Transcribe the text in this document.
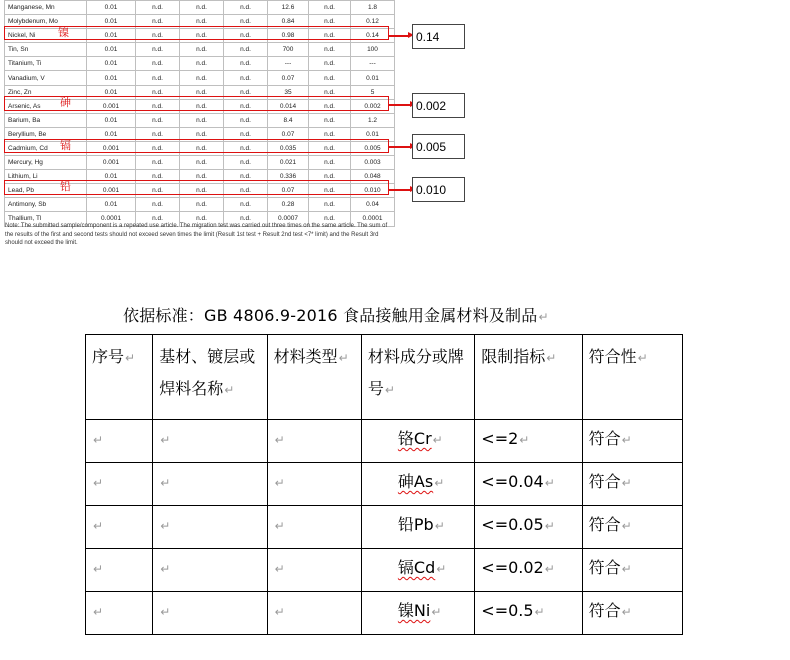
Manganese, Mn	0.01	n.d.	n.d.	n.d.	12.6	n.d.	1.8
Molybdenum, Mo	0.01	n.d.	n.d.	n.d.	0.84	n.d.	0.12
Nickel, Ni	0.01	n.d.	n.d.	n.d.	0.98	n.d.	0.14
Tin, Sn	0.01	n.d.	n.d.	n.d.	700	n.d.	100
Titanium, Ti	0.01	n.d.	n.d.	n.d.	---	n.d.	---
Vanadium, V	0.01	n.d.	n.d.	n.d.	0.07	n.d.	0.01
Zinc, Zn	0.01	n.d.	n.d.	n.d.	35	n.d.	5
Arsenic, As	0.001	n.d.	n.d.	n.d.	0.014	n.d.	0.002
Barium, Ba	0.01	n.d.	n.d.	n.d.	8.4	n.d.	1.2
Beryllium, Be	0.01	n.d.	n.d.	n.d.	0.07	n.d.	0.01
Cadmium, Cd	0.001	n.d.	n.d.	n.d.	0.035	n.d.	0.005
Mercury, Hg	0.001	n.d.	n.d.	n.d.	0.021	n.d.	0.003
Lithium, Li	0.01	n.d.	n.d.	n.d.	0.336	n.d.	0.048
Lead, Pb	0.001	n.d.	n.d.	n.d.	0.07	n.d.	0.010
Antimony, Sb	0.01	n.d.	n.d.	n.d.	0.28	n.d.	0.04
Thallium, Tl	0.0001	n.d.	n.d.	n.d.	0.0007	n.d.	0.0001
Note: The submitted sample/component is a repeated use article. The migration test was carried out three times on the same article. The sum of the results of the first and second tests should not exceed seven times the limit (Result 1st test + Result 2nd test <7* limit) and the Result 3rd should not exceed the limit.
镍
砷
镉
铅
0.14
0.002
0.005
0.010
依据标准：GB 4806.9-2016 食品接触用金属材料及制品↵
序号↵	基材、镀层或焊料名称↵	材料类型↵	材料成分或牌号↵	限制指标↵	符合性↵
↵	↵	↵	铬Cr↵	<=2↵	符合↵
↵	↵	↵	砷As↵	<=0.04↵	符合↵
↵	↵	↵	铅Pb↵	<=0.05↵	符合↵
↵	↵	↵	镉Cd↵	<=0.02↵	符合↵
↵	↵	↵	镍Ni↵	<=0.5↵	符合↵
